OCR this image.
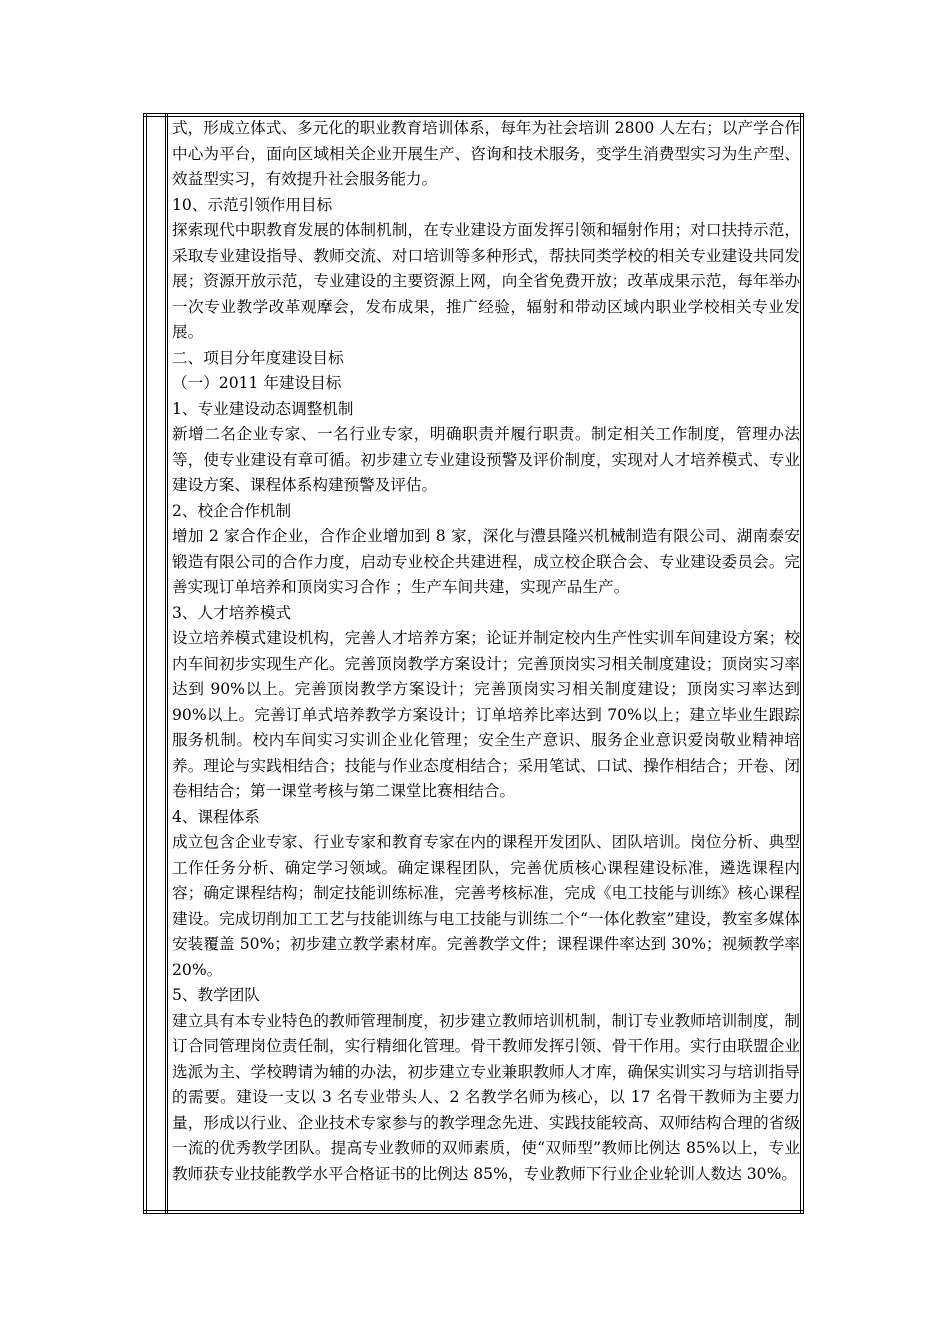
式，形成立体式、多元化的职业教育培训体系，每年为社会培训 2800 人左右；以产学合作中心为平台，面向区域相关企业开展生产、咨询和技术服务，变学生消费型实习为生产型、效益型实习，有效提升社会服务能力。

10、示范引领作用目标

探索现代中职教育发展的体制机制，在专业建设方面发挥引领和辐射作用；对口扶持示范，采取专业建设指导、教师交流、对口培训等多种形式，帮扶同类学校的相关专业建设共同发展；资源开放示范，专业建设的主要资源上网，向全省免费开放；改革成果示范，每年举办一次专业教学改革观摩会，发布成果，推广经验，辐射和带动区域内职业学校相关专业发展。

二、项目分年度建设目标

（一）2011 年建设目标

1、专业建设动态调整机制

新增二名企业专家、一名行业专家，明确职责并履行职责。制定相关工作制度，管理办法等，使专业建设有章可循。初步建立专业建设预警及评价制度，实现对人才培养模式、专业建设方案、课程体系构建预警及评估。

2、校企合作机制

增加 2 家合作企业，合作企业增加到 8 家，深化与澧县隆兴机械制造有限公司、湖南泰安锻造有限公司的合作力度，启动专业校企共建进程，成立校企联合会、专业建设委员会。完善实现订单培养和顶岗实习合作 ；生产车间共建，实现产品生产。

3、人才培养模式

设立培养模式建设机构，完善人才培养方案；论证并制定校内生产性实训车间建设方案；校内车间初步实现生产化。完善顶岗教学方案设计；完善顶岗实习相关制度建设；顶岗实习率达到 90%以上。完善顶岗教学方案设计；完善顶岗实习相关制度建设；顶岗实习率达到 90%以上。完善订单式培养教学方案设计；订单培养比率达到 70%以上；建立毕业生跟踪服务机制。校内车间实习实训企业化管理；安全生产意识、服务企业意识爱岗敬业精神培养。理论与实践相结合；技能与作业态度相结合；采用笔试、口试、操作相结合；开卷、闭卷相结合；第一课堂考核与第二课堂比赛相结合。

4、课程体系

成立包含企业专家、行业专家和教育专家在内的课程开发团队、团队培训。岗位分析、典型工作任务分析、确定学习领域。确定课程团队，完善优质核心课程建设标准，遴选课程内容；确定课程结构；制定技能训练标准，完善考核标准，完成《电工技能与训练》核心课程建设。完成切削加工工艺与技能训练与电工技能与训练二个“一体化教室”建设，教室多媒体安装覆盖 50%；初步建立教学素材库。完善教学文件；课程课件率达到 30%；视频教学率 20%。

5、教学团队

建立具有本专业特色的教师管理制度，初步建立教师培训机制，制订专业教师培训制度，制订合同管理岗位责任制，实行精细化管理。骨干教师发挥引领、骨干作用。实行由联盟企业选派为主、学校聘请为辅的办法，初步建立专业兼职教师人才库，确保实训实习与培训指导的需要。建设一支以 3 名专业带头人、2 名教学名师为核心，以 17 名骨干教师为主要力量，形成以行业、企业技术专家参与的教学理念先进、实践技能较高、双师结构合理的省级一流的优秀教学团队。提高专业教师的双师素质，使“双师型”教师比例达 85%以上，专业教师获专业技能教学水平合格证书的比例达 85%，专业教师下行业企业轮训人数达 30%。
